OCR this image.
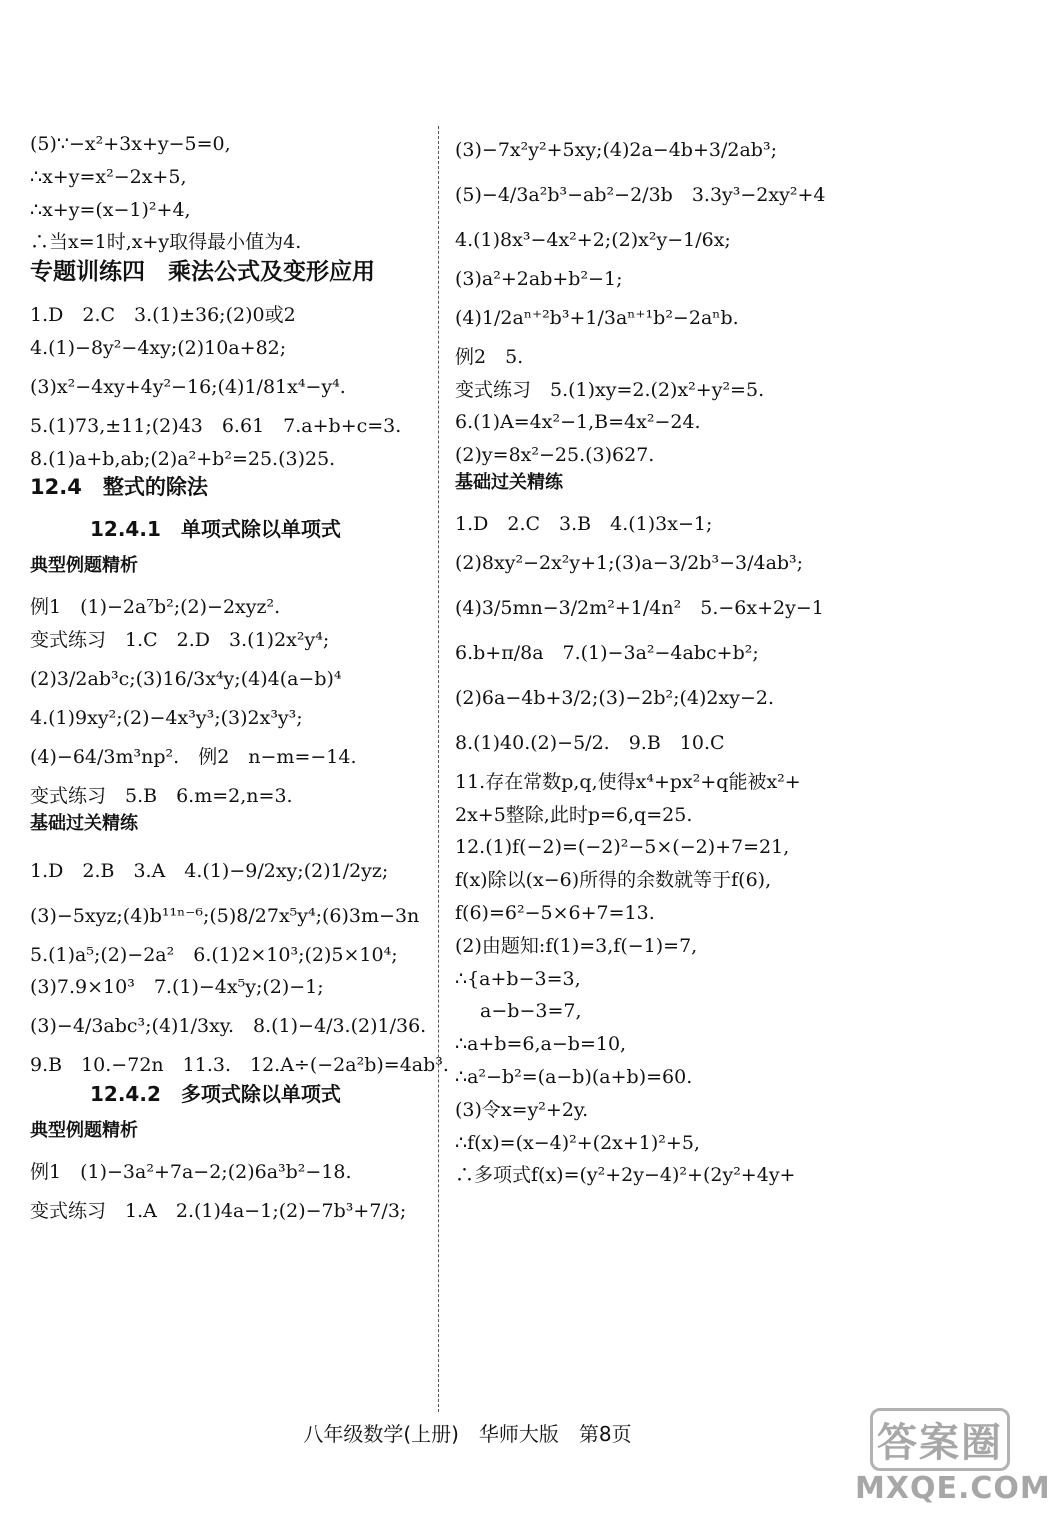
(5)∵−x²+3x+y−5=0,
∴x+y=x²−2x+5,
∴x+y=(x−1)²+4,
∴当x=1时,x+y取得最小值为4.
专题训练四　乘法公式及变形应用
1.D　2.C　3.(1)±36;(2)0或2
4.(1)−8y²−4xy;(2)10a+82;
(3)x²−4xy+4y²−16;(4)1/81x⁴−y⁴.
5.(1)73,±11;(2)43　6.61　7.a+b+c=3.
8.(1)a+b,ab;(2)a²+b²=25.(3)25.
12.4　整式的除法
12.4.1　单项式除以单项式
典型例题精析
例1　(1)−2a⁷b²;(2)−2xyz².
变式练习　1.C　2.D　3.(1)2x²y⁴;
(2)3/2ab³c;(3)16/3x⁴y;(4)4(a−b)⁴
4.(1)9xy²;(2)−4x³y³;(3)2x³y³;
(4)−64/3m³np².　例2　n−m=−14.
变式练习　5.B　6.m=2,n=3.
基础过关精练
1.D　2.B　3.A　4.(1)−9/2xy;(2)1/2yz;
(3)−5xyz;(4)b¹¹ⁿ⁻⁶;(5)8/27x⁵y⁴;(6)3m−3n
5.(1)a⁵;(2)−2a²　6.(1)2×10³;(2)5×10⁴;
(3)7.9×10³　7.(1)−4x⁵y;(2)−1;
(3)−4/3abc³;(4)1/3xy.　8.(1)−4/3.(2)1/36.
9.B　10.−72n　11.3.　12.A÷(−2a²b)=4ab³.
12.4.2　多项式除以单项式
典型例题精析
例1　(1)−3a²+7a−2;(2)6a³b²−18.
变式练习　1.A　2.(1)4a−1;(2)−7b³+7/3;
(3)−7x²y²+5xy;(4)2a−4b+3/2ab³;
(5)−4/3a²b³−ab²−2/3b　3.3y³−2xy²+4
4.(1)8x³−4x²+2;(2)x²y−1/6x;
(3)a²+2ab+b²−1;
(4)1/2aⁿ⁺²b³+1/3aⁿ⁺¹b²−2aⁿb.
例2　5.
变式练习　5.(1)xy=2.(2)x²+y²=5.
6.(1)A=4x²−1,B=4x²−24.
(2)y=8x²−25.(3)627.
基础过关精练
1.D　2.C　3.B　4.(1)3x−1;
(2)8xy²−2x²y+1;(3)a−3/2b³−3/4ab³;
(4)3/5mn−3/2m²+1/4n²　5.−6x+2y−1
6.b+π/8a　7.(1)−3a²−4abc+b²;
(2)6a−4b+3/2;(3)−2b²;(4)2xy−2.
8.(1)40.(2)−5/2.　9.B　10.C
11.存在常数p,q,使得x⁴+px²+q能被x²+
2x+5整除,此时p=6,q=25.
12.(1)f(−2)=(−2)²−5×(−2)+7=21,
f(x)除以(x−6)所得的余数就等于f(6),
f(6)=6²−5×6+7=13.
(2)由题知:f(1)=3,f(−1)=7,
∴{a+b−3=3,
　 a−b−3=7,
∴a+b=6,a−b=10,
∴a²−b²=(a−b)(a+b)=60.
(3)令x=y²+2y.
∴f(x)=(x−4)²+(2x+1)²+5,
∴多项式f(x)=(y²+2y−4)²+(2y²+4y+
八年级数学(上册)　华师大版　第8页	答案圈
MXQE.COM
